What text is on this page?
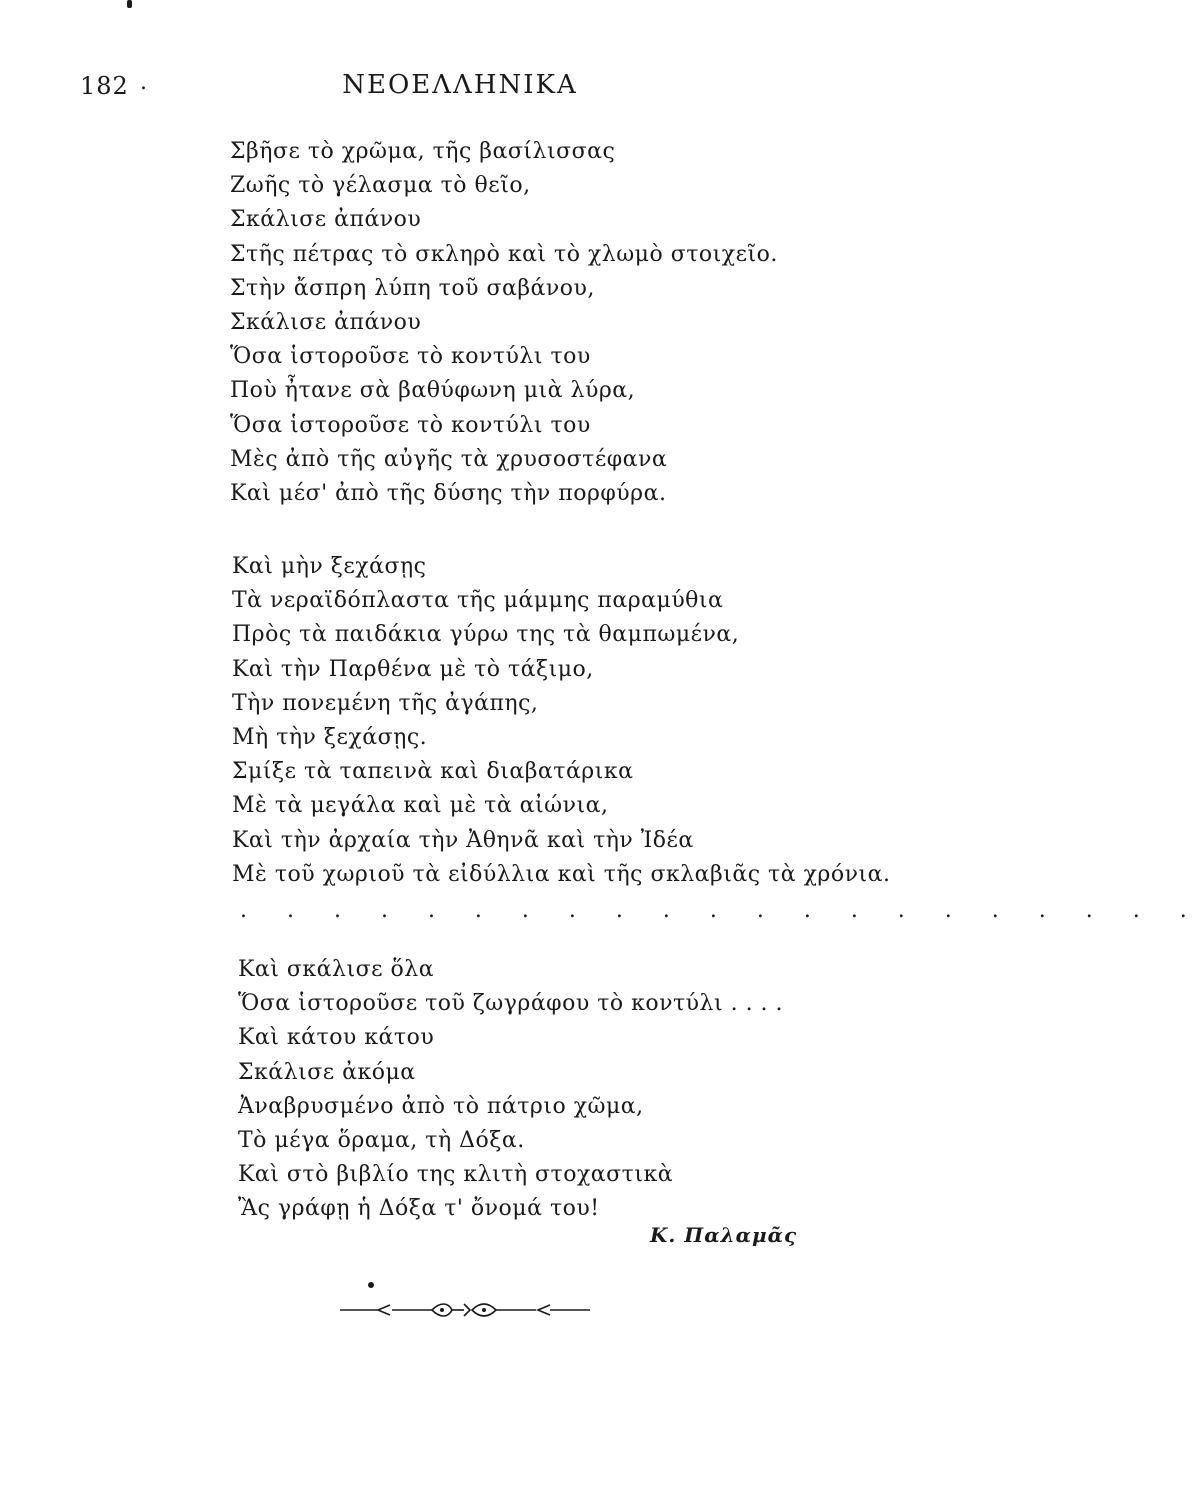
182 .	ΝΕΟΕΛΛΗΝΙΚΑ
Σβῆσε τὸ χρῶμα, τῆς βασίλισσας
Ζωῆς τὸ γέλασμα τὸ θεῖο,
Σκάλισε ἀπάνου
Στῆς πέτρας τὸ σκληρὸ καὶ τὸ χλωμὸ στοιχεῖο.
Στὴν ἄσπρη λύπη τοῦ σαβάνου,
Σκάλισε ἀπάνου
Ὅσα ἱστοροῦσε τὸ κοντύλι του
Ποὺ ἦτανε σὰ βαθύφωνη μιὰ λύρα,
Ὅσα ἱστοροῦσε τὸ κοντύλι του
Μὲς ἀπὸ τῆς αὐγῆς τὰ χρυσοστέφανα
Καὶ μέσ' ἀπὸ τῆς δύσης τὴν πορφύρα.
Καὶ μὴν ξεχάσῃς
Τὰ νεραϊδόπλαστα τῆς μάμμης παραμύθια
Πρὸς τὰ παιδάκια γύρω της τὰ θαμπωμένα,
Καὶ τὴν Παρθένα μὲ τὸ τάξιμο,
Τὴν πονεμένη τῆς ἀγάπης,
Μὴ τὴν ξεχάσῃς.
Σμίξε τὰ ταπεινὰ καὶ διαβατάρικα
Μὲ τὰ μεγάλα καὶ μὲ τὰ αἰώνια,
Καὶ τὴν ἀρχαία τὴν Ἀθηνᾶ καὶ τὴν Ἰδέα
Μὲ τοῦ χωριοῦ τὰ εἰδύλλια καὶ τῆς σκλαβιᾶς τὰ χρόνια.
. . . . . . . . . . . . . . . . . . . . .
Καὶ σκάλισε ὅλα
Ὅσα ἱστοροῦσε τοῦ ζωγράφου τὸ κοντύλι . . . .
Καὶ κάτου κάτου
Σκάλισε ἀκόμα
Ἀναβρυσμένο ἀπὸ τὸ πάτριο χῶμα,
Τὸ μέγα ὅραμα, τὴ Δόξα.
Καὶ στὸ βιβλίο της κλιτὴ στοχαστικὰ
Ἂς γράφῃ ἡ Δόξα τ' ὄνομά του!
Κ. Παλαμᾶς
